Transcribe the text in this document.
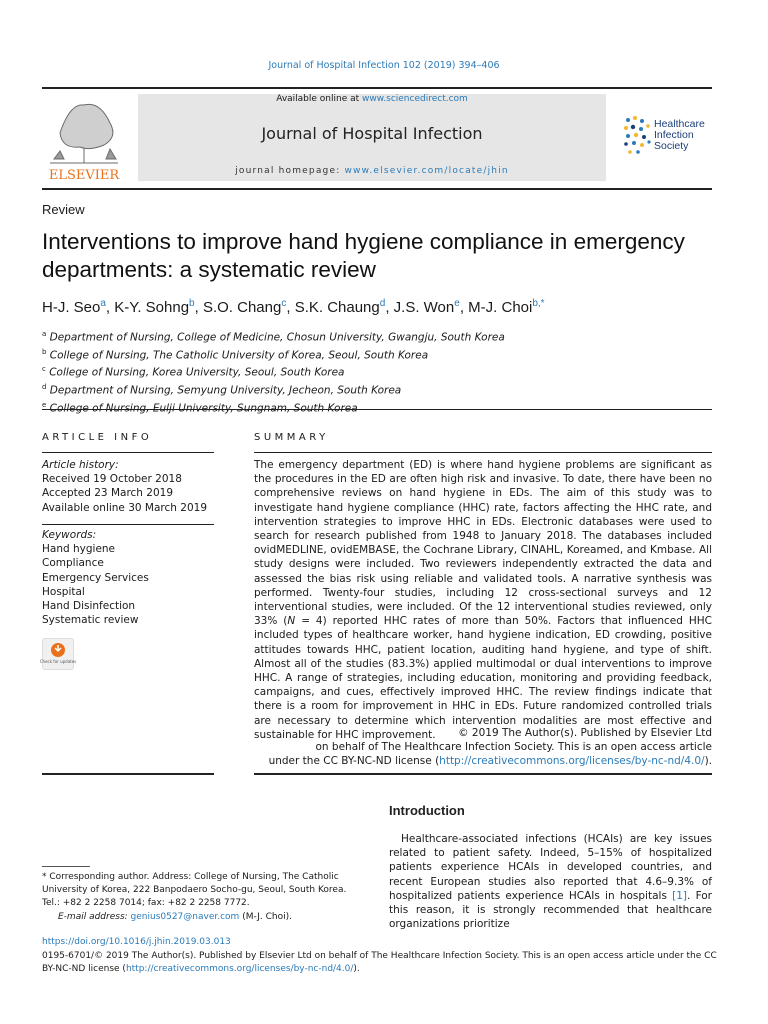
Journal of Hospital Infection 102 (2019) 394–406
ELSEVIER
Available online at www.sciencedirect.com
Journal of Hospital Infection
journal homepage: www.elsevier.com/locate/jhin
Healthcare
Infection
Society
Review
Interventions to improve hand hygiene compliance in emergency departments: a systematic review
H-J. Seo$^a$, K-Y. Sohng$^b$, S.O. Chang$^c$, S.K. Chaung$^d$, J.S. Won$^e$, M-J. Choi$^{b,*}$
$^a$ Department of Nursing, College of Medicine, Chosun University, Gwangju, South Korea
$^b$ College of Nursing, The Catholic University of Korea, Seoul, South Korea
$^c$ College of Nursing, Korea University, Seoul, South Korea
$^d$ Department of Nursing, Semyung University, Jecheon, South Korea
$^e$
ARTICLE INFO
Article history:
Received 19 October 2018
Accepted 23 March 2019
Available online 30 March 2019
Keywords:
Hand hygiene
Compliance
Emergency Services
Hospital
Hand Disinfection
Systematic review
Check for updates
SUMMARY
The emergency department (ED) is where hand hygiene problems are significant as the procedures in the ED are often high risk and invasive. To date, there have been no comprehensive reviews on hand hygiene in EDs. The aim of this study was to investigate hand hygiene compliance (HHC) rate, factors affecting the HHC rate, and intervention strategies to improve HHC in EDs. Electronic databases were used to search for research published from 1948 to January 2018. The databases included ovidMEDLINE, ovidEMBASE, the Cochrane Library, CINAHL, Koreamed, and Kmbase. All study designs were included. Two reviewers independently extracted the data and assessed the bias risk using reliable and validated tools. A narrative synthesis was performed. Twenty-four studies, including 12 cross-sectional surveys and 12 interventional studies, were included. Of the 12 interventional studies reviewed, only 33% (N = 4) reported HHC rates of more than 50%. Factors that influenced HHC included types of healthcare worker, hand hygiene indication, ED crowding, positive attitudes towards HHC, patient location, auditing hand hygiene, and type of shift. Almost all of the studies (83.3%) applied multimodal or dual interventions to improve HHC. A range of strategies, including education, monitoring and providing feedback, campaigns, and cues, effectively improved HHC. The review findings indicate that there is a room for improvement in HHC in EDs. Future randomized controlled trials are necessary to determine which intervention modalities are most effective and sustainable for HHC improvement.	© 2019 The Author(s). Published by Elsevier Ltd
on behalf of The Healthcare Infection Society. This is an open access article
under the CC BY-NC-ND license (http://creativecommons.org/licenses/by-nc-nd/4.0/).
Introduction
Healthcare-associated infections (HCAIs) are key issues related to patient safety. Indeed, 5–15% of hospitalized patients experience HCAIs in developed countries, and recent European studies also reported that 4.6–9.3% of hospitalized patients experience HCAIs in hospitals [1]. For this reason, it is strongly recommended that healthcare organizations prioritize
* Corresponding author. Address: College of Nursing, The Catholic University of Korea, 222 Banpodaero Socho-gu, Seoul, South Korea. Tel.: +82 2 2258 7014; fax: +82 2 2258 7772.
E-mail address: genius0527@naver.com (M-J. Choi).
https://doi.org/10.1016/j.jhin.2019.03.013
0195-6701/© 2019 The Author(s). Published by Elsevier Ltd on behalf of The Healthcare Infection Society. This is an open access article under the CC BY-NC-ND license (http://creativecommons.org/licenses/by-nc-nd/4.0/).
